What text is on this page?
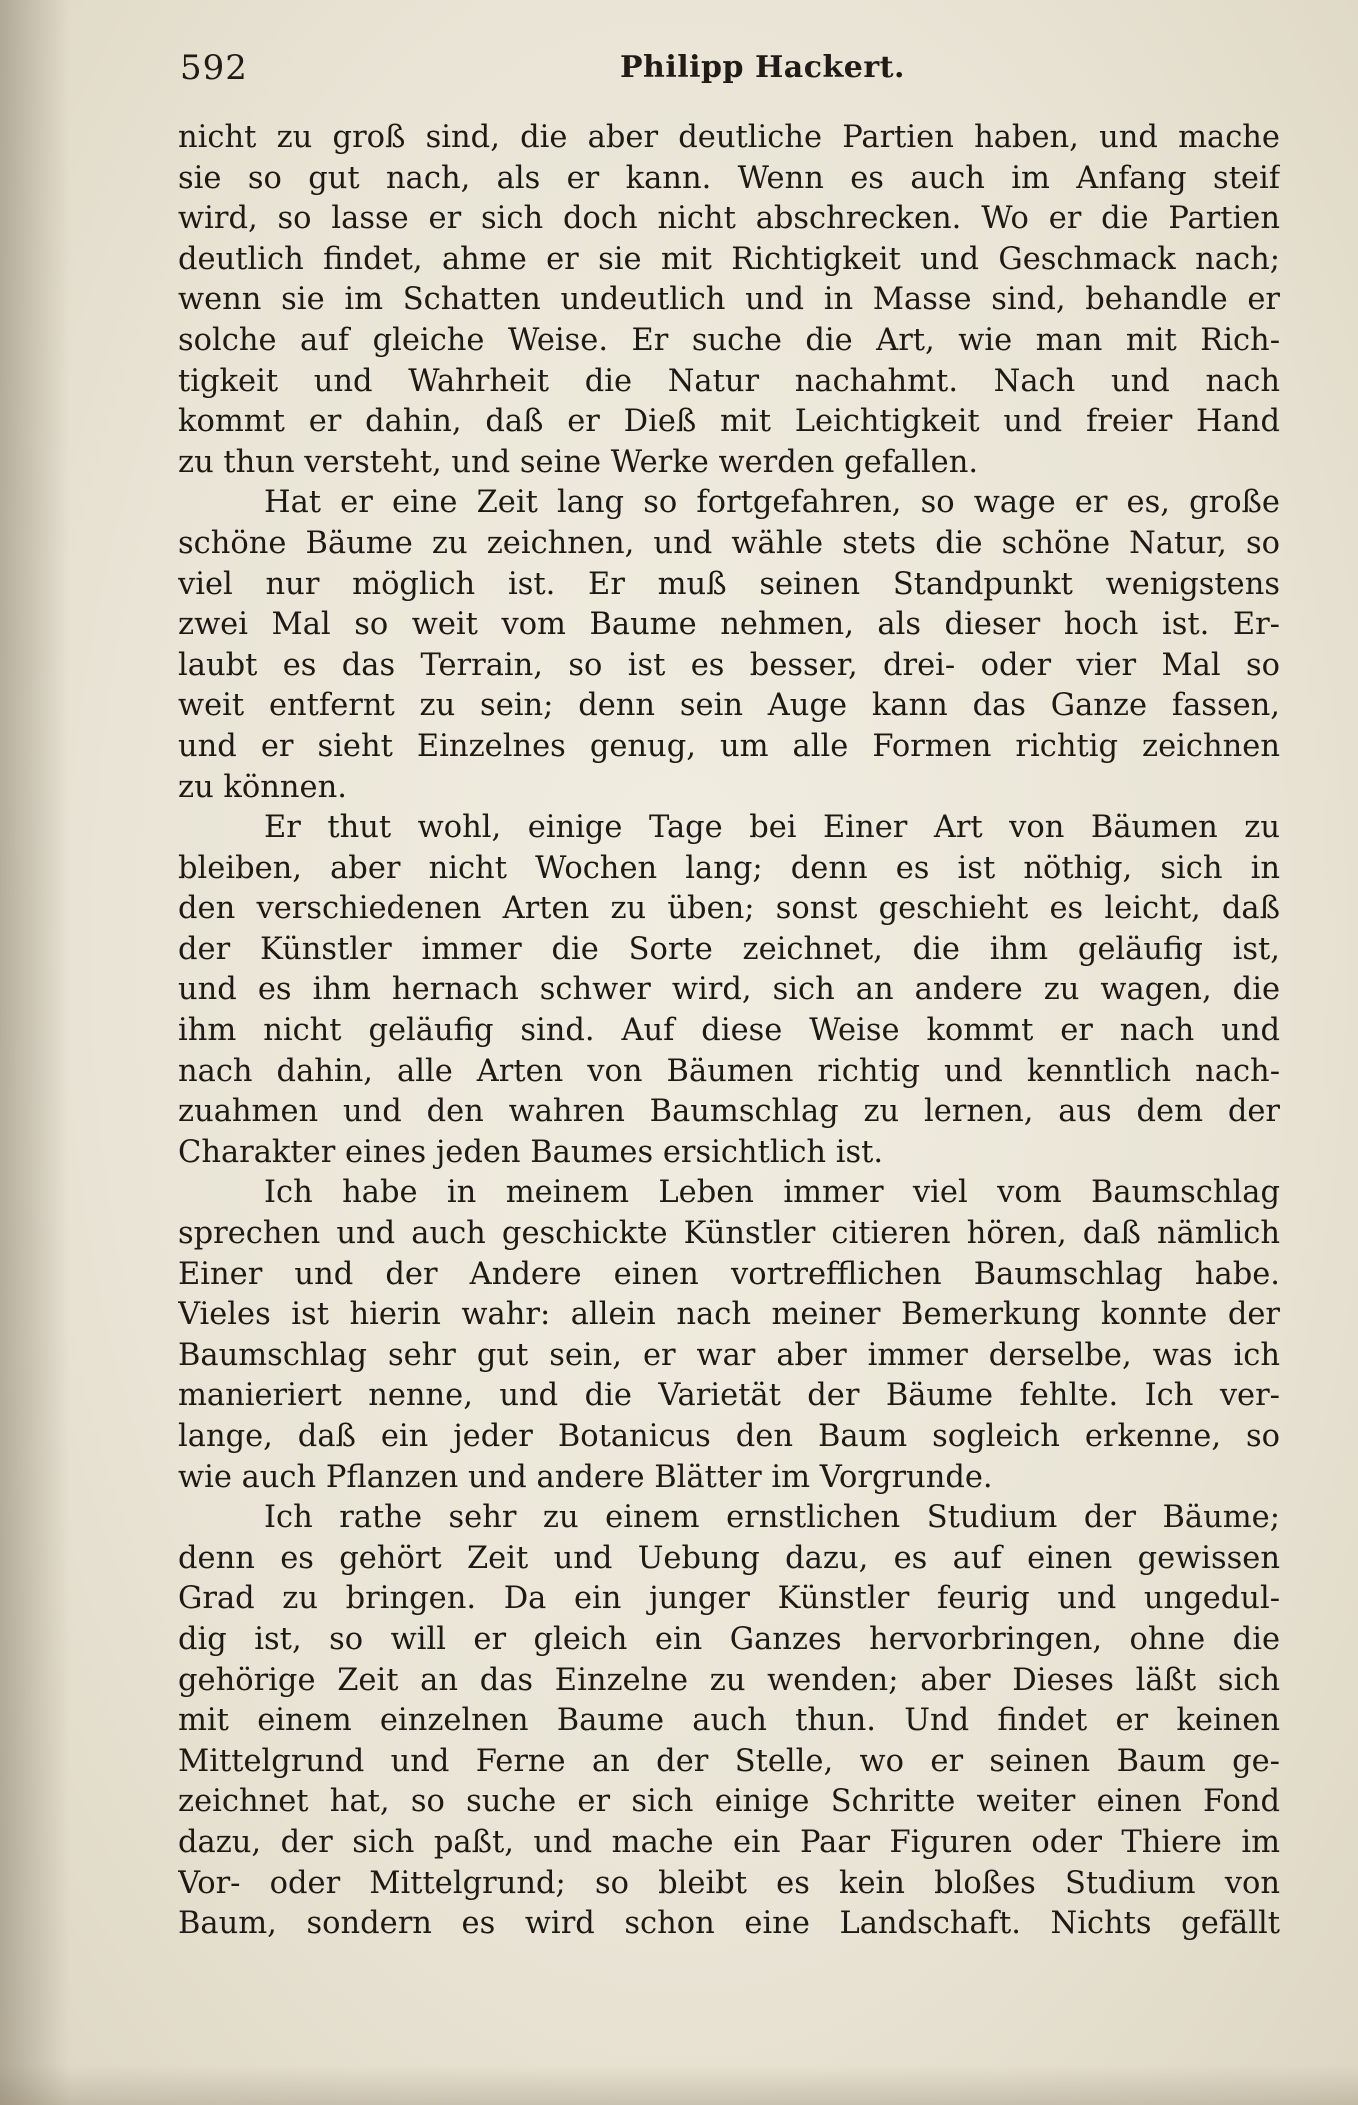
592	Philipp Hackert.
nicht zu groß sind, die aber deutliche Partien haben, und mache
sie so gut nach, als er kann. Wenn es auch im Anfang steif
wird, so lasse er sich doch nicht abschrecken. Wo er die Partien
deutlich findet, ahme er sie mit Richtigkeit und Geschmack nach;
wenn sie im Schatten undeutlich und in Masse sind, behandle er
solche auf gleiche Weise. Er suche die Art, wie man mit Rich-
tigkeit und Wahrheit die Natur nachahmt. Nach und nach
kommt er dahin, daß er Dieß mit Leichtigkeit und freier Hand
zu thun versteht, und seine Werke werden gefallen.
Hat er eine Zeit lang so fortgefahren, so wage er es, große
schöne Bäume zu zeichnen, und wähle stets die schöne Natur, so
viel nur möglich ist. Er muß seinen Standpunkt wenigstens
zwei Mal so weit vom Baume nehmen, als dieser hoch ist. Er-
laubt es das Terrain, so ist es besser, drei- oder vier Mal so
weit entfernt zu sein; denn sein Auge kann das Ganze fassen,
und er sieht Einzelnes genug, um alle Formen richtig zeichnen
zu können.
Er thut wohl, einige Tage bei Einer Art von Bäumen zu
bleiben, aber nicht Wochen lang; denn es ist nöthig, sich in
den verschiedenen Arten zu üben; sonst geschieht es leicht, daß
der Künstler immer die Sorte zeichnet, die ihm geläufig ist,
und es ihm hernach schwer wird, sich an andere zu wagen, die
ihm nicht geläufig sind. Auf diese Weise kommt er nach und
nach dahin, alle Arten von Bäumen richtig und kenntlich nach-
zuahmen und den wahren Baumschlag zu lernen, aus dem der
Charakter eines jeden Baumes ersichtlich ist.
Ich habe in meinem Leben immer viel vom Baumschlag
sprechen und auch geschickte Künstler citieren hören, daß nämlich
Einer und der Andere einen vortrefflichen Baumschlag habe.
Vieles ist hierin wahr: allein nach meiner Bemerkung konnte der
Baumschlag sehr gut sein, er war aber immer derselbe, was ich
manieriert nenne, und die Varietät der Bäume fehlte. Ich ver-
lange, daß ein jeder Botanicus den Baum sogleich erkenne, so
wie auch Pflanzen und andere Blätter im Vorgrunde.
Ich rathe sehr zu einem ernstlichen Studium der Bäume;
denn es gehört Zeit und Uebung dazu, es auf einen gewissen
Grad zu bringen. Da ein junger Künstler feurig und ungedul-
dig ist, so will er gleich ein Ganzes hervorbringen, ohne die
gehörige Zeit an das Einzelne zu wenden; aber Dieses läßt sich
mit einem einzelnen Baume auch thun. Und findet er keinen
Mittelgrund und Ferne an der Stelle, wo er seinen Baum ge-
zeichnet hat, so suche er sich einige Schritte weiter einen Fond
dazu, der sich paßt, und mache ein Paar Figuren oder Thiere im
Vor- oder Mittelgrund; so bleibt es kein bloßes Studium von
Baum, sondern es wird schon eine Landschaft. Nichts gefällt
